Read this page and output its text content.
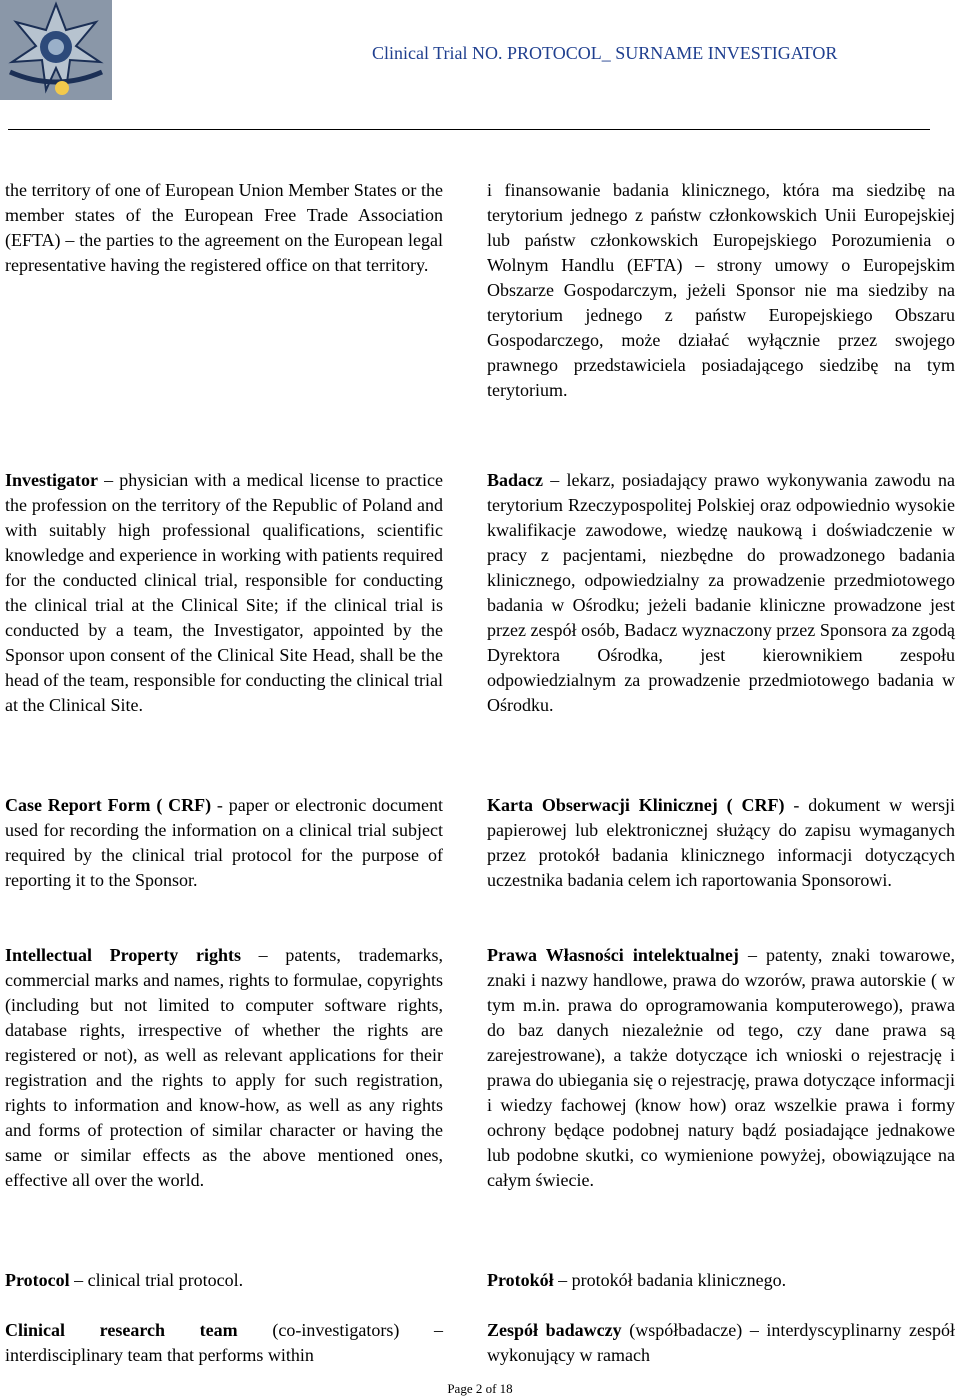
Clinical Trial NO. PROTOCOL_ SURNAME INVESTIGATOR

the territory of one of European Union Member States or the member states of the European Free Trade Association (EFTA) – the parties to the agreement on the European legal representative having the registered office on that territory.

Investigator – physician with a medical license to practice the profession on the territory of the Republic of Poland and with suitably high professional qualifications, scientific knowledge and experience in working with patients required for the conducted clinical trial, responsible for conducting the clinical trial at the Clinical Site; if the clinical trial is conducted by a team, the Investigator, appointed by the Sponsor upon consent of the Clinical Site Head, shall be the head of the team, responsible for conducting the clinical trial at the Clinical Site.

Case Report Form ( CRF) - paper or electronic document used for recording the information on a clinical trial subject required by the clinical trial protocol for the purpose of reporting it to the Sponsor.

Intellectual Property rights – patents, trademarks, commercial marks and names, rights to formulae, copyrights (including but not limited to computer software rights, database rights, irrespective of whether the rights are registered or not), as well as relevant applications for their registration and the rights to apply for such registration, rights to information and know-how, as well as any rights and forms of protection of similar character or having the same or similar effects as the above mentioned ones, effective all over the world.

Protocol – clinical trial protocol.

Clinical research team (co-investigators) – interdisciplinary team that performs within

i finansowanie badania klinicznego, która ma siedzibę na terytorium jednego z państw członkowskich Unii Europejskiej lub państw członkowskich Europejskiego Porozumienia o Wolnym Handlu (EFTA) – strony umowy o Europejskim Obszarze Gospodarczym, jeżeli Sponsor nie ma siedziby na terytorium jednego z państw Europejskiego Obszaru Gospodarczego, może działać wyłącznie przez swojego prawnego przedstawiciela posiadającego siedzibę na tym terytorium.

Badacz – lekarz, posiadający prawo wykonywania zawodu na terytorium Rzeczypospolitej Polskiej oraz odpowiednio wysokie kwalifikacje zawodowe, wiedzę naukową i doświadczenie w pracy z pacjentami, niezbędne do prowadzonego badania klinicznego, odpowiedzialny za prowadzenie przedmiotowego badania w Ośrodku; jeżeli badanie kliniczne prowadzone jest przez zespół osób, Badacz wyznaczony przez Sponsora za zgodą Dyrektora Ośrodka, jest kierownikiem zespołu odpowiedzialnym za prowadzenie przedmiotowego badania w Ośrodku.

Karta Obserwacji Klinicznej ( CRF) - dokument w wersji papierowej lub elektronicznej służący do zapisu wymaganych przez protokół badania klinicznego informacji dotyczących uczestnika badania celem ich raportowania Sponsorowi.

Prawa Własności intelektualnej – patenty, znaki towarowe, znaki i nazwy handlowe, prawa do wzorów, prawa autorskie ( w tym m.in. prawa do oprogramowania komputerowego), prawa do baz danych niezależnie od tego, czy dane prawa są zarejestrowane), a także dotyczące ich wnioski o rejestrację i prawa do ubiegania się o rejestrację, prawa dotyczące informacji i wiedzy fachowej (know how) oraz wszelkie prawa i formy ochrony będące podobnej natury bądź posiadające jednakowe lub podobne skutki, co wymienione powyżej, obowiązujące na całym świecie.

Protokół – protokół badania klinicznego.

Zespół badawczy (współbadacze) – interdyscyplinarny zespół wykonujący w ramach

Page 2 of 18
